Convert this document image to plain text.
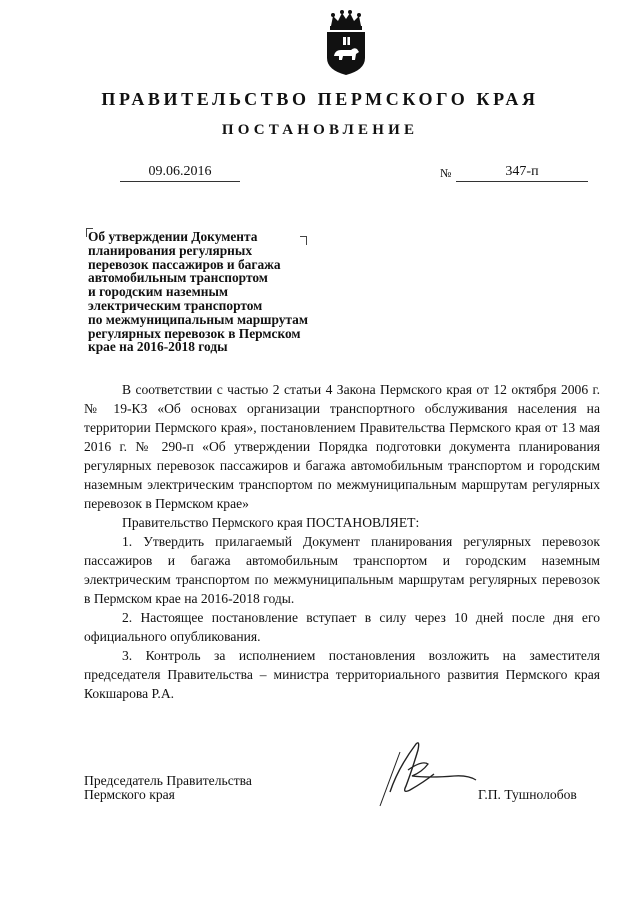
ПРАВИТЕЛЬСТВО ПЕРМСКОГО КРАЯ
ПОСТАНОВЛЕНИЕ
09.06.2016	№	347-п
Об утверждении Документа
планирования регулярных
перевозок пассажиров и багажа
автомобильным транспортом
и городским наземным
электрическим транспортом
по межмуниципальным маршрутам
регулярных перевозок в Пермском
крае на 2016-2018 годы

В соответствии с частью 2 статьи 4 Закона Пермского края от 12 октября 2006 г. № 19-КЗ «Об основах организации транспортного обслуживания населения на территории Пермского края», постановлением Правительства Пермского края от 13 мая 2016 г. № 290-п «Об утверждении Порядка подготовки документа планирования регулярных перевозок пассажиров и багажа автомобильным транспортом и городским наземным электрическим транспортом по межмуниципальным маршрутам регулярных перевозок в Пермском крае»

Правительство Пермского края ПОСТАНОВЛЯЕТ:

1. Утвердить прилагаемый Документ планирования регулярных перевозок пассажиров и багажа автомобильным транспортом и городским наземным электрическим транспортом по межмуниципальным маршрутам регулярных перевозок в Пермском крае на 2016-2018 годы.

2. Настоящее постановление вступает в силу через 10 дней после дня его официального опубликования.

3. Контроль за исполнением постановления возложить на заместителя председателя Правительства – министра территориального развития Пермского края Кокшарова Р.А.

Председатель Правительства
Пермского края	Г.П. Тушнолобов
